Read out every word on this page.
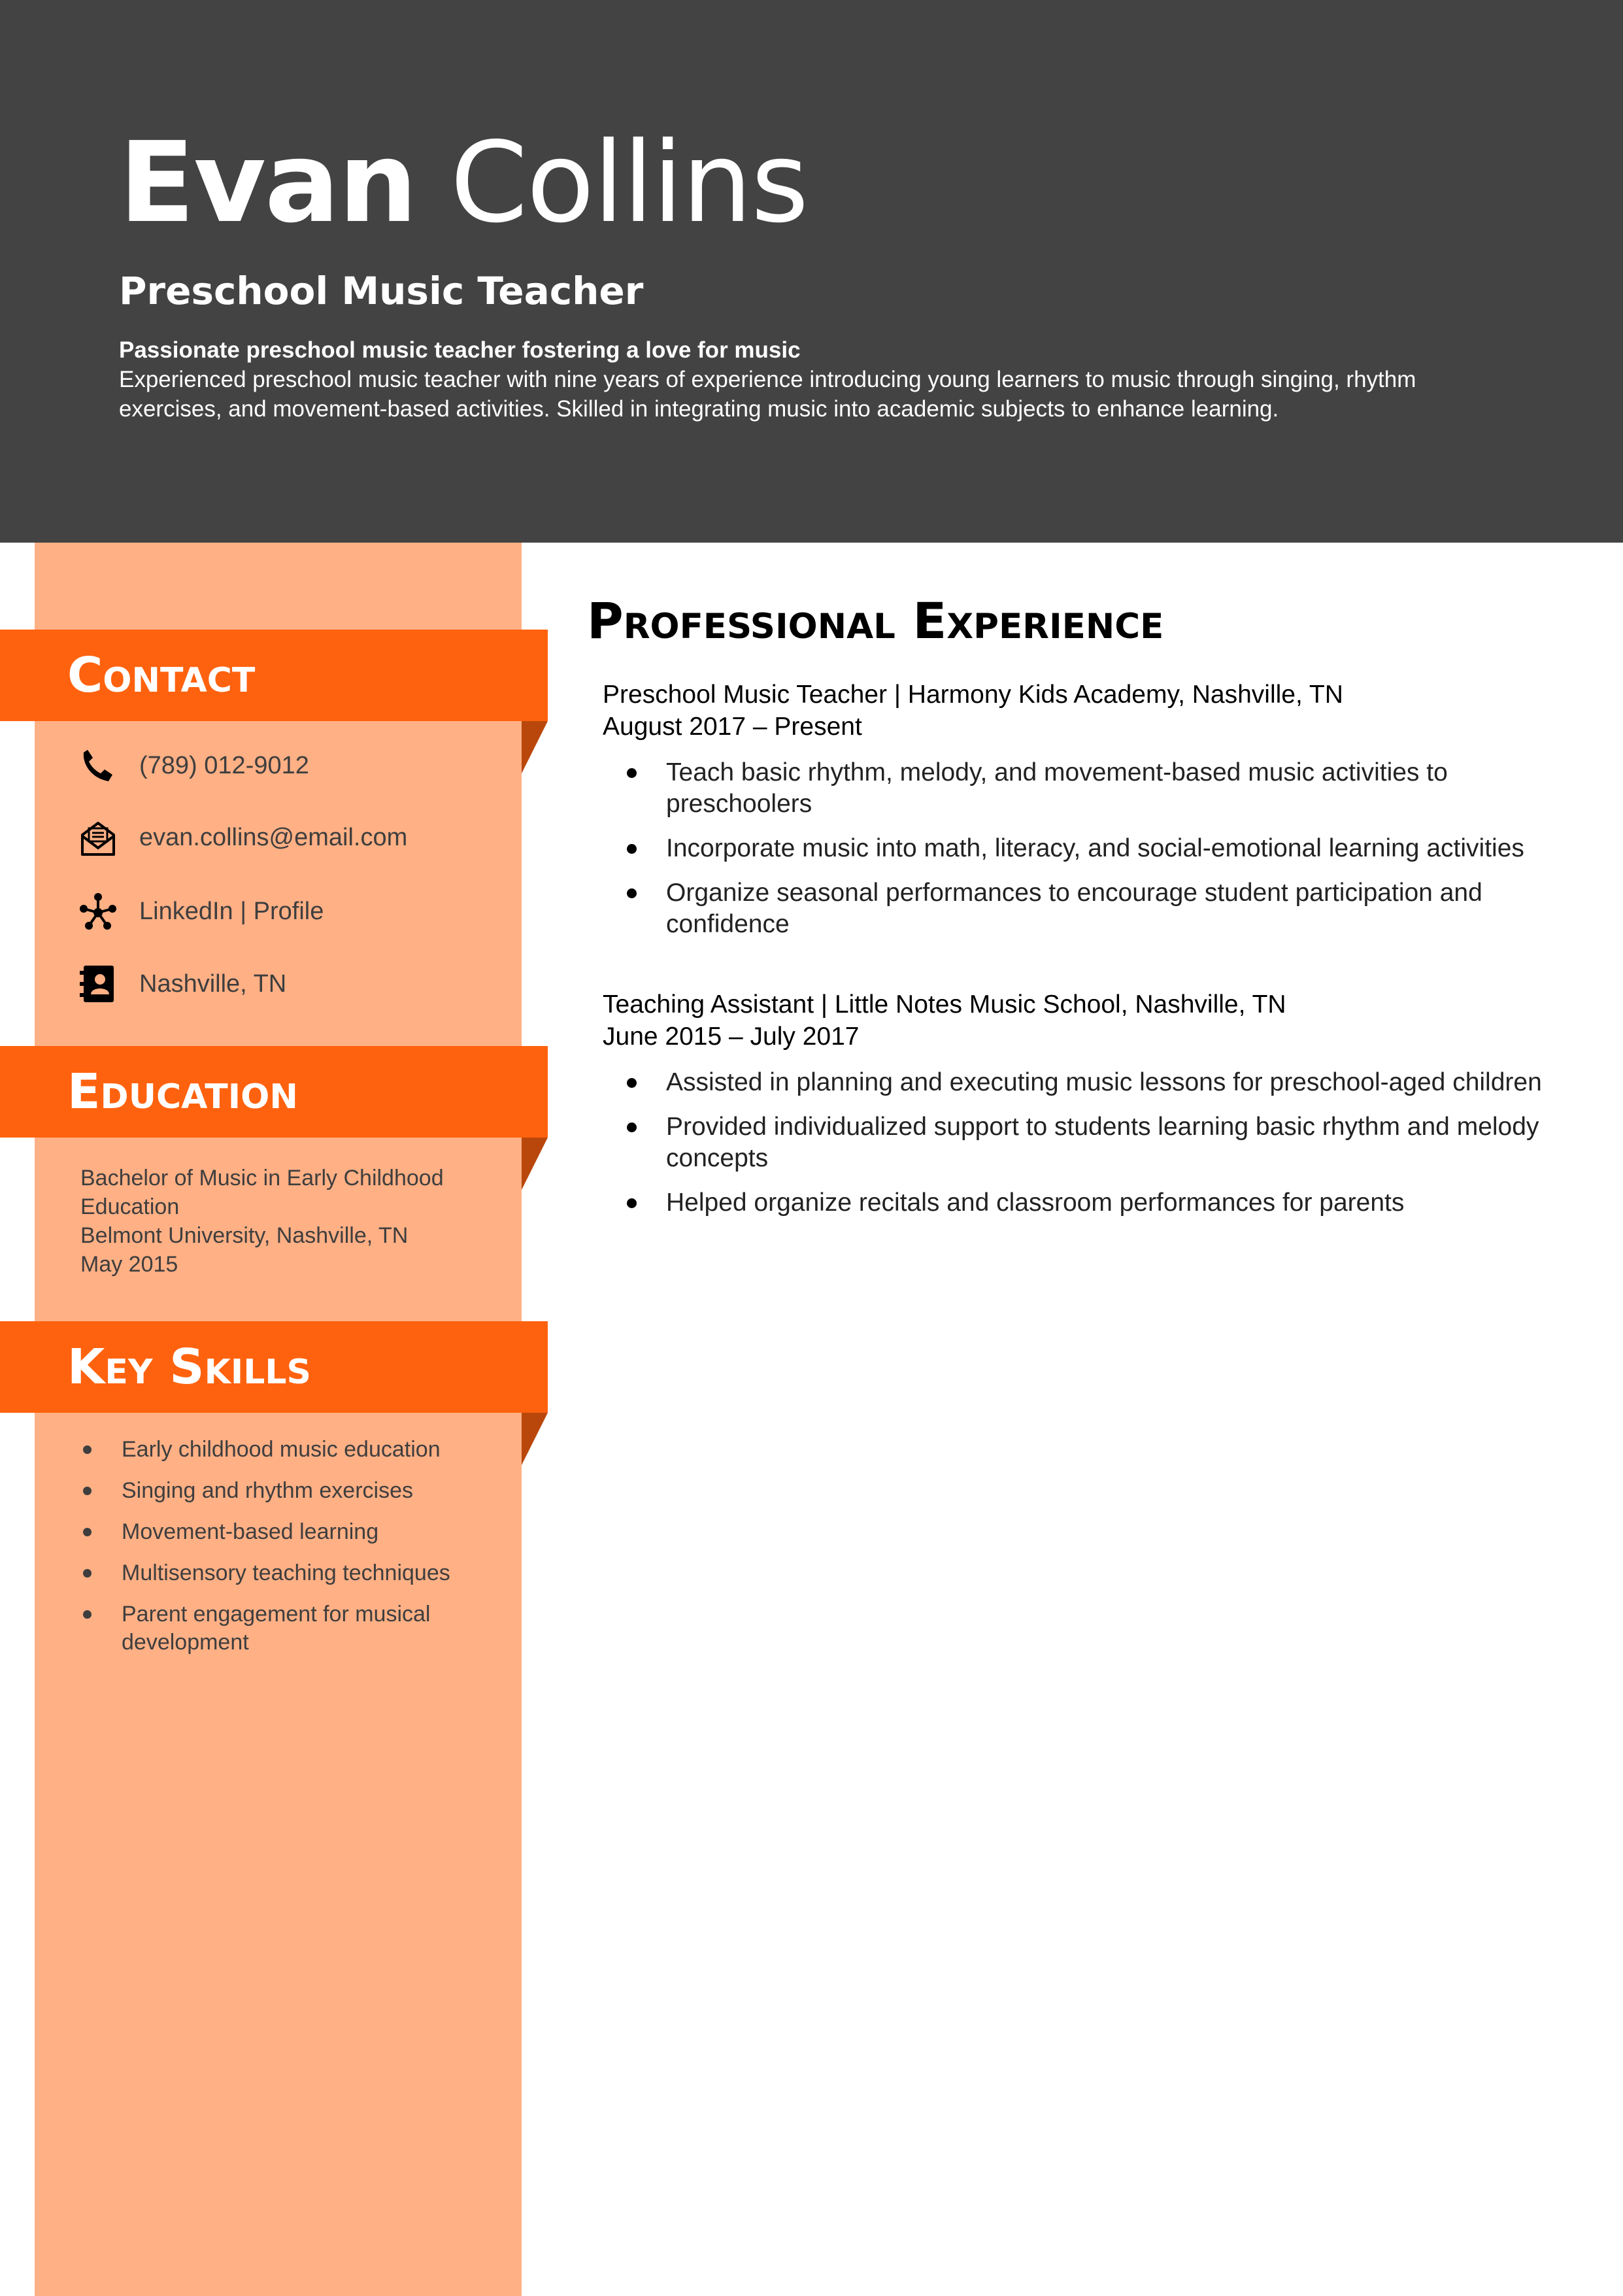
Evan Collins
Preschool Music Teacher
Passionate preschool music teacher fostering a love for music
Experienced preschool music teacher with nine years of experience introducing young learners to music through singing, rhythm exercises, and movement-based activities. Skilled in integrating music into academic subjects to enhance learning.
Contact
(789) 012-9012
evan.collins@email.com
LinkedIn | Profile
Nashville, TN
Education
Bachelor of Music in Early Childhood
Education
Belmont University, Nashville, TN
May 2015
Key Skills
Early childhood music education
Singing and rhythm exercises
Movement-based learning
Multisensory teaching techniques
Parent engagement for musical development
Professional Experience
Preschool Music Teacher | Harmony Kids Academy, Nashville, TN
August 2017 – Present
Teach basic rhythm, melody, and movement-based music activities to preschoolers
Incorporate music into math, literacy, and social-emotional learning activities
Organize seasonal performances to encourage student participation and confidence
Teaching Assistant | Little Notes Music School, Nashville, TN
June 2015 – July 2017
Assisted in planning and executing music lessons for preschool-aged children
Provided individualized support to students learning basic rhythm and melody concepts
Helped organize recitals and classroom performances for parents
